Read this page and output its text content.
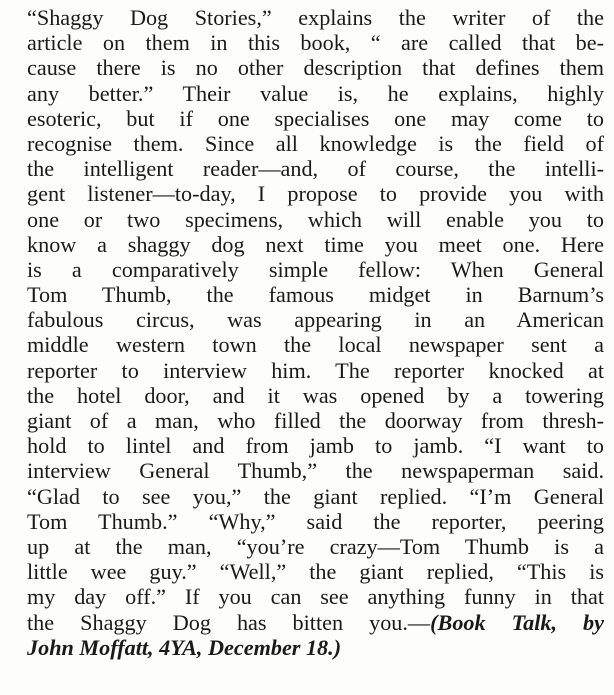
“Shaggy Dog Stories,” explains the writer of the
article on them in this book, “ are called that be-
cause there is no other description that defines them
any better.” Their value is, he explains, highly
esoteric, but if one specialises one may come to
recognise them. Since all knowledge is the field of
the intelligent reader—and, of course, the intelli-
gent listener—to-day, I propose to provide you with
one or two specimens, which will enable you to
know a shaggy dog next time you meet one. Here
is a comparatively simple fellow: When General
Tom Thumb, the famous midget in Barnum’s
fabulous circus, was appearing in an American
middle western town the local newspaper sent a
reporter to interview him. The reporter knocked at
the hotel door, and it was opened by a towering
giant of a man, who filled the doorway from thresh-
hold to lintel and from jamb to jamb. “I want to
interview General Thumb,” the newspaperman said.
“Glad to see you,” the giant replied. “I’m General
Tom Thumb.” “Why,” said the reporter, peering
up at the man, “you’re crazy—Tom Thumb is a
little wee guy.” “Well,” the giant replied, “This is
my day off.” If you can see anything funny in that
the Shaggy Dog has bitten you.—(Book Talk, by
John Moffatt, 4YA, December 18.)
